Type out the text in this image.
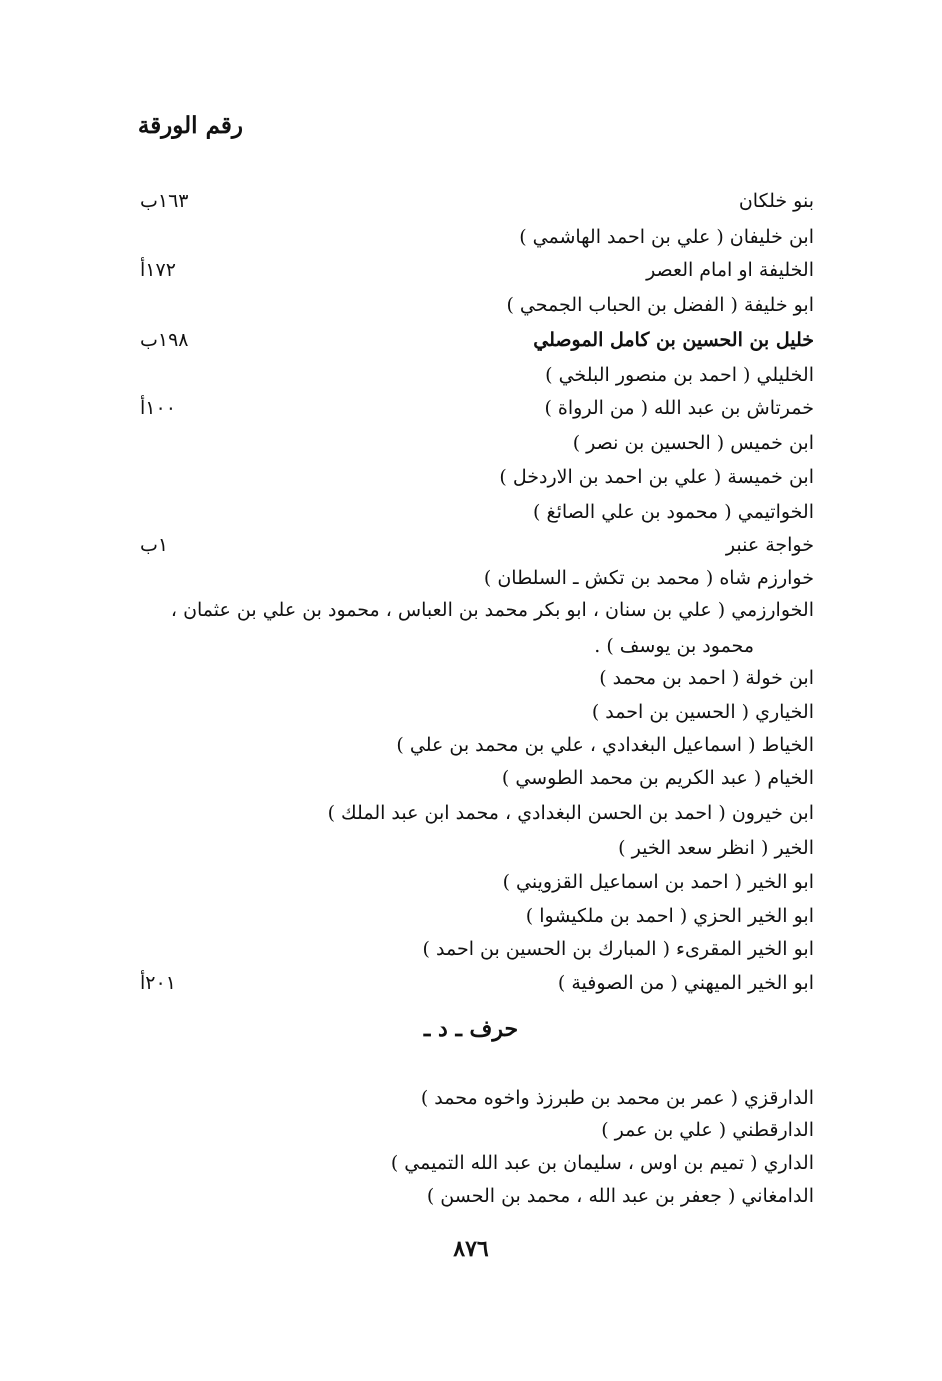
رقم الورقة
بنو خلكان
١٦٣ب
ابن خليفان ( علي بن احمد الهاشمي )
الخليفة او امام العصر
١٧٢أ
ابو خليفة ( الفضل بن الحباب الجمحي )
خليل بن الحسين بن كامل الموصلي
١٩٨ب
الخليلي ( احمد بن منصور البلخي )
خمرتاش بن عبد الله ( من الرواة )
١٠٠أ
ابن خميس ( الحسين بن نصر )
ابن خميسة ( علي بن احمد بن الاردخل )
الخواتيمي ( محمود بن علي الصائغ )
خواجة عنبر
١ب
خوارزم شاه ( محمد بن تكش ـ السلطان )
الخوارزمي ( علي بن سنان ، ابو بكر محمد بن العباس ، محمود بن علي بن عثمان ،
محمود بن يوسف ) .
ابن خولة ( احمد بن محمد )
الخياري ( الحسين بن احمد )
الخياط ( اسماعيل البغدادي ، علي بن محمد بن علي )
الخيام ( عبد الكريم بن محمد الطوسي )
ابن خيرون ( احمد بن الحسن البغدادي ، محمد ابن عبد الملك )
الخير ( انظر سعد الخير )
ابو الخير ( احمد بن اسماعيل القزويني )
ابو الخير الحزي ( احمد بن ملكيشوا )
ابو الخير المقرىء ( المبارك بن الحسين بن احمد )
ابو الخير الميهني ( من الصوفية )
٢٠١أ
حرف ـ د ـ
الدارقزي ( عمر بن محمد بن طبرزذ واخوه محمد )
الدارقطني ( علي بن عمر )
الداري ( تميم بن اوس ، سليمان بن عبد الله التميمي )
الدامغاني ( جعفر بن عبد الله ، محمد بن الحسن )
٨٧٦
